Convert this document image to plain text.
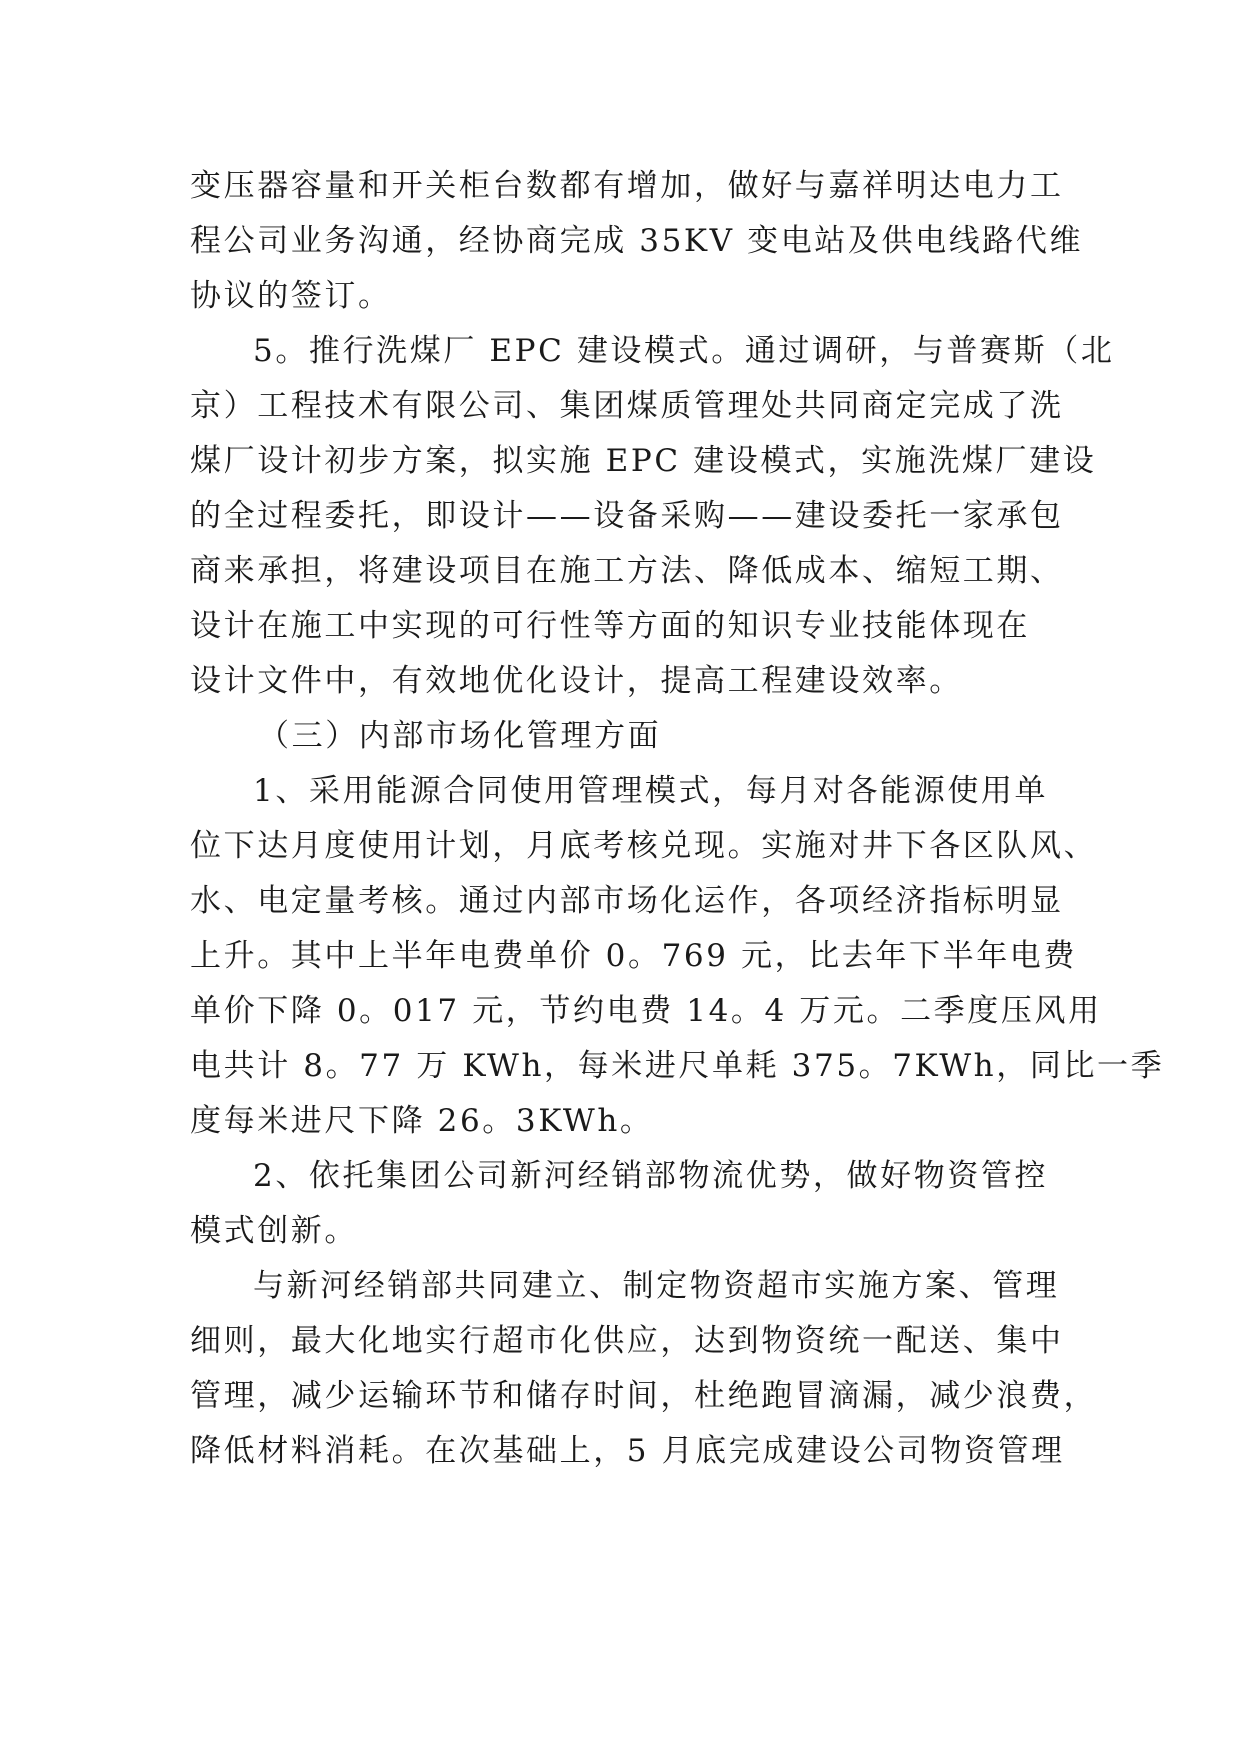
变压器容量和开关柜台数都有增加，做好与嘉祥明达电力工
程公司业务沟通，经协商完成 35KV 变电站及供电线路代维
协议的签订。
5。推行洗煤厂 EPC 建设模式。通过调研，与普赛斯（北
京）工程技术有限公司、集团煤质管理处共同商定完成了洗
煤厂设计初步方案，拟实施 EPC 建设模式，实施洗煤厂建设
的全过程委托，即设计——设备采购——建设委托一家承包
商来承担，将建设项目在施工方法、降低成本、缩短工期、
设计在施工中实现的可行性等方面的知识专业技能体现在
设计文件中，有效地优化设计，提高工程建设效率。
（三）内部市场化管理方面
1、采用能源合同使用管理模式，每月对各能源使用单
位下达月度使用计划，月底考核兑现。实施对井下各区队风、
水、电定量考核。通过内部市场化运作，各项经济指标明显
上升。其中上半年电费单价 0。769 元，比去年下半年电费
单价下降 0。017 元，节约电费 14。4 万元。二季度压风用
电共计 8。77 万 KWh，每米进尺单耗 375。7KWh，同比一季
度每米进尺下降 26。3KWh。
2、依托集团公司新河经销部物流优势，做好物资管控
模式创新。
与新河经销部共同建立、制定物资超市实施方案、管理
细则，最大化地实行超市化供应，达到物资统一配送、集中
管理，减少运输环节和储存时间，杜绝跑冒滴漏，减少浪费，
降低材料消耗。在次基础上，5 月底完成建设公司物资管理
